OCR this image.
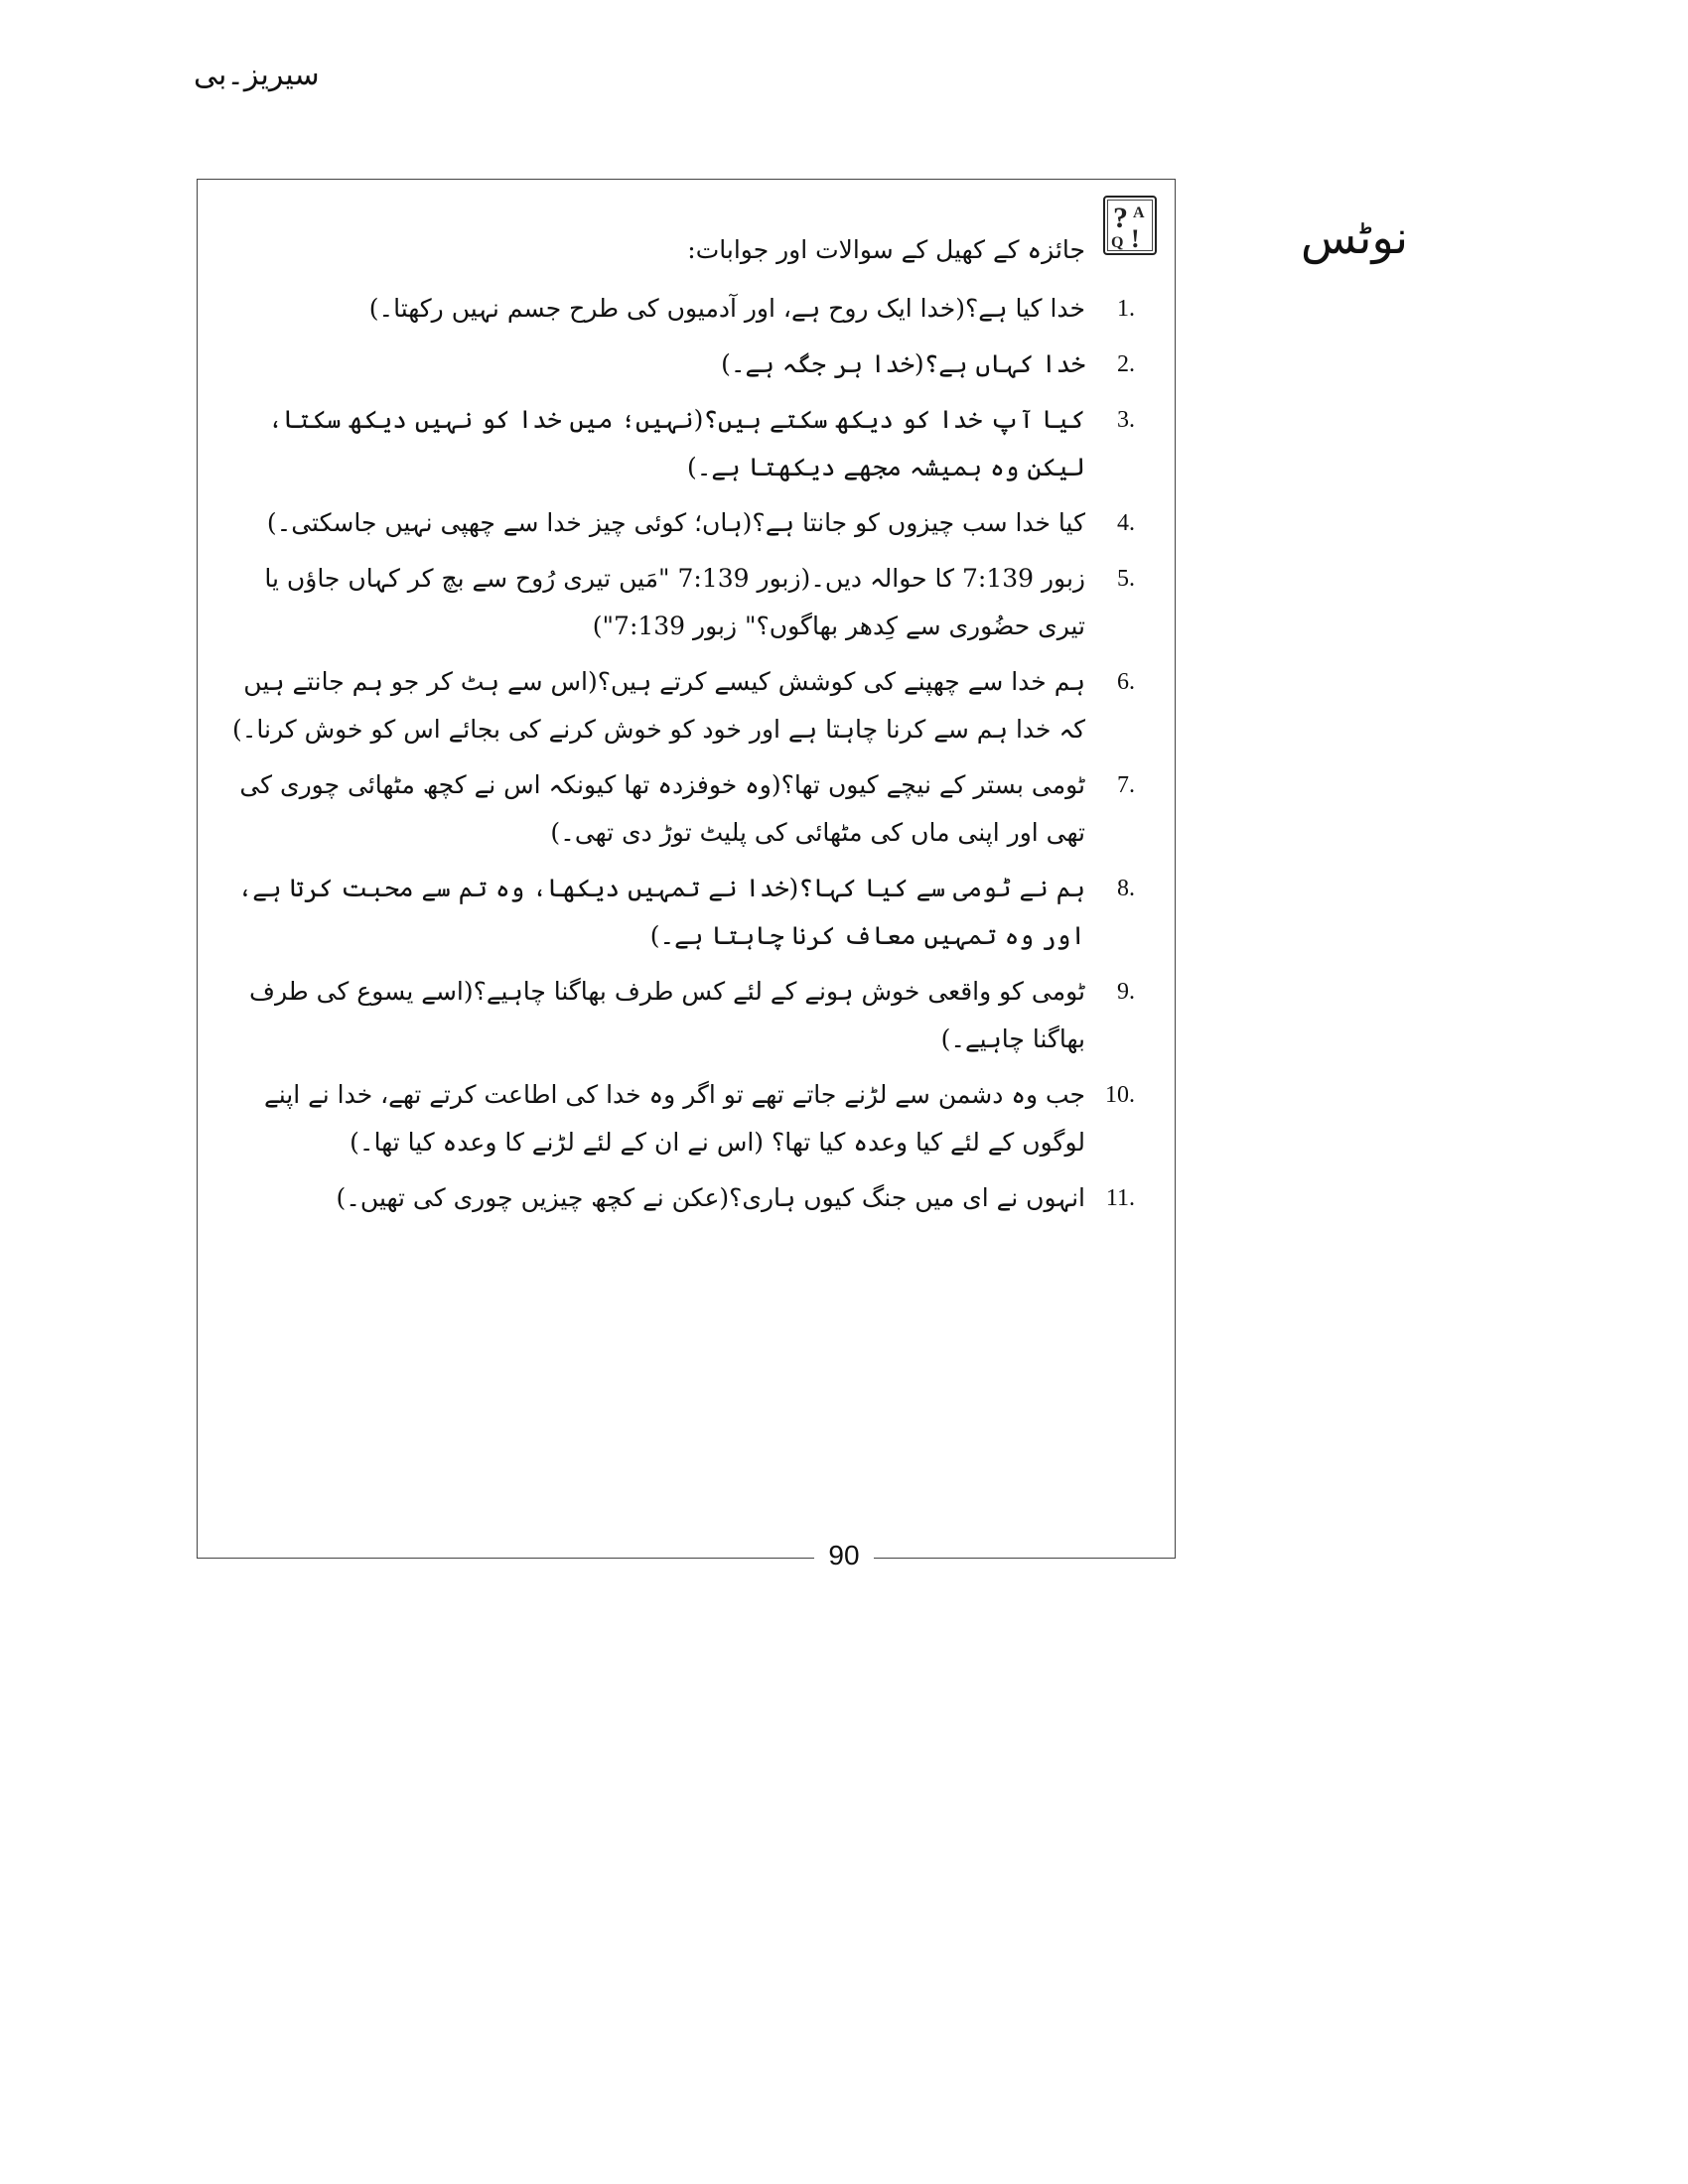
سیریز۔بی
نوٹس
? A
Q !
جائزہ کے کھیل کے سوالات اور جوابات:
1.
خدا کیا ہے؟(خدا ایک روح ہے، اور آدمیوں کی طرح جسم نہیں رکھتا۔)
2.
خدا کہاں ہے؟(خدا ہر جگہ ہے۔)
3.
کیا آپ خدا کو دیکھ سکتے ہیں؟(نہیں؛ میں خدا کو نہیں دیکھ سکتا، لیکن وہ ہمیشہ مجھے دیکھتا ہے۔)
4.
کیا خدا سب چیزوں کو جانتا ہے؟(ہاں؛ کوئی چیز خدا سے چھپی نہیں جاسکتی۔)
5.
زبور 7:139 کا حوالہ دیں۔(زبور 7:139 "مَیں تیری رُوح سے بچ کر کہاں جاؤں یا تیری حضُوری سے کِدھر بھاگوں؟" زبور 7:139")
6.
ہم خدا سے چھپنے کی کوشش کیسے کرتے ہیں؟(اس سے ہٹ کر جو ہم جانتے ہیں کہ خدا ہم سے کرنا چاہتا ہے اور خود کو خوش کرنے کی بجائے اس کو خوش کرنا۔)
7.
ٹومی بستر کے نیچے کیوں تھا؟(وہ خوفزدہ تھا کیونکہ اس نے کچھ مٹھائی چوری کی تھی اور اپنی ماں کی مٹھائی کی پلیٹ توڑ دی تھی۔)
8.
ہم نے ٹومی سے کیا کہا؟(خدا نے تمہیں دیکھا، وہ تم سے محبت کرتا ہے، اور وہ تمہیں معاف کرنا چاہتا ہے۔)
9.
ٹومی کو واقعی خوش ہونے کے لئے کس طرف بھاگنا چاہیے؟(اسے یسوع کی طرف بھاگنا چاہیے۔)
10.
جب وہ دشمن سے لڑنے جاتے تھے تو اگر وہ خدا کی اطاعت کرتے تھے، خدا نے اپنے لوگوں کے لئے کیا وعدہ کیا تھا؟ (اس نے ان کے لئے لڑنے کا وعدہ کیا تھا۔)
11.
انہوں نے ای میں جنگ کیوں ہاری؟(عکن نے کچھ چیزیں چوری کی تھیں۔)
90
